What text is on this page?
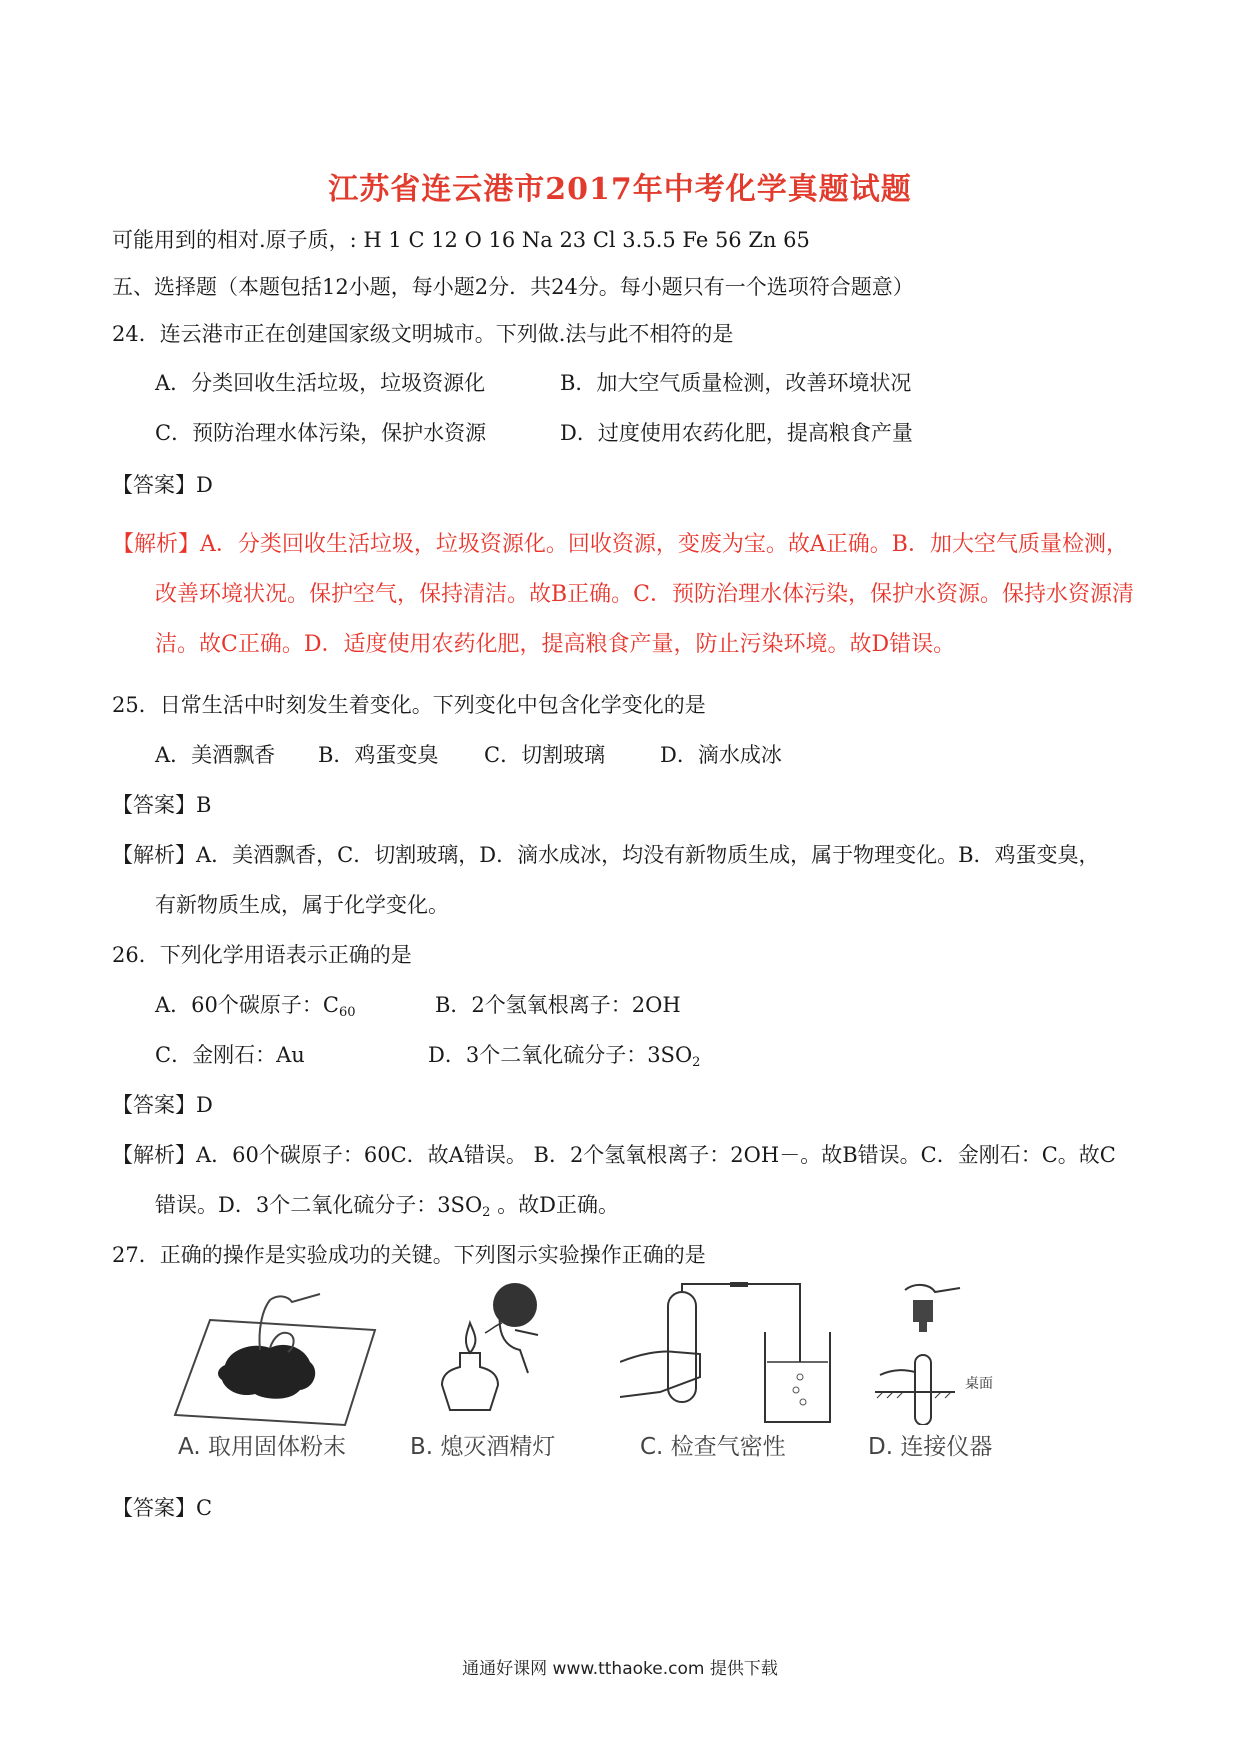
江苏省连云港市2017年中考化学真题试题
可能用到的相对.原子质，: H 1 C 12 O 16 Na 23 Cl 3.5.5 Fe 56 Zn 65
五、选择题（本题包括12小题，每小题2分．共24分。每小题只有一个选项符合题意）
24．连云港市正在创建国家级文明城市。下列做.法与此不相符的是
A．分类回收生活垃圾，垃圾资源化	B．加大空气质量检测，改善环境状况
C．预防治理水体污染，保护水资源	D．过度使用农药化肥，提高粮食产量
【答案】D
【解析】A．分类回收生活垃圾，垃圾资源化。回收资源，变废为宝。故A正确。B．加大空气质量检测，
改善环境状况。保护空气，保持清洁。故B正确。C．预防治理水体污染，保护水资源。保持水资源清
洁。故C正确。D．适度使用农药化肥，提高粮食产量，防止污染环境。故D错误。
25．日常生活中时刻发生着变化。下列变化中包含化学变化的是
A．美酒飘香 B．鸡蛋变臭 C．切割玻璃	D．滴水成冰
【答案】B
【解析】A．美酒飘香，C．切割玻璃，D．滴水成冰，均没有新物质生成，属于物理变化。B．鸡蛋变臭，
有新物质生成，属于化学变化。
26．下列化学用语表示正确的是
A．60个碳原子：$C_{60}$	B．2个氢氧根离子：2OH
C．金刚石：Au	D．3个二氧化硫分子：$3SO_2$
【答案】D
【解析】A．60个碳原子：60C．故A错误。 B．2个氢氧根离子：2OH－。故B错误。C．金刚石：C。故C
错误。D．3个二氧化硫分子：$3SO_2$ 。故D正确。
27．正确的操作是实验成功的关键。下列图示实验操作正确的是
桌面
A. 取用固体粉末	B. 熄灭酒精灯	C. 检查气密性	D. 连接仪器
【答案】C
通通好课网 www.tthaoke.com 提供下载
